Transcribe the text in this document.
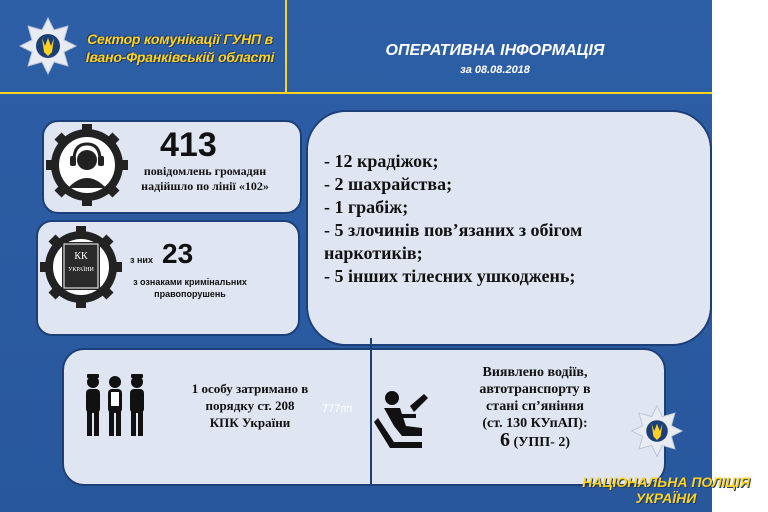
Сектор комунікації ГУНП в
Івано-Франківській області	ОПЕРАТИВНА ІНФОРМАЦІЯ
за 08.08.2018
413
повідомлень громадян
надійшло по лінії «102»
КК
УКРАЇНИ
з них 23
з ознаками кримінальних
правопорушень
- 12 крадіжок;
- 2 шахрайства;
- 1 грабіж;
- 5 злочинів пов’язаних з обігом
наркотиків;
- 5 інших тілесних ушкоджень;
1 особу затримано в
порядку ст. 208
КПК України
777пп
Виявлено водіїв,
автотранспорту в
стані сп’яніння
(ст. 130 КУпАП):
6 (УПП- 2)
НАЦІОНАЛЬНА ПОЛІЦІЯ
УКРАЇНИ
